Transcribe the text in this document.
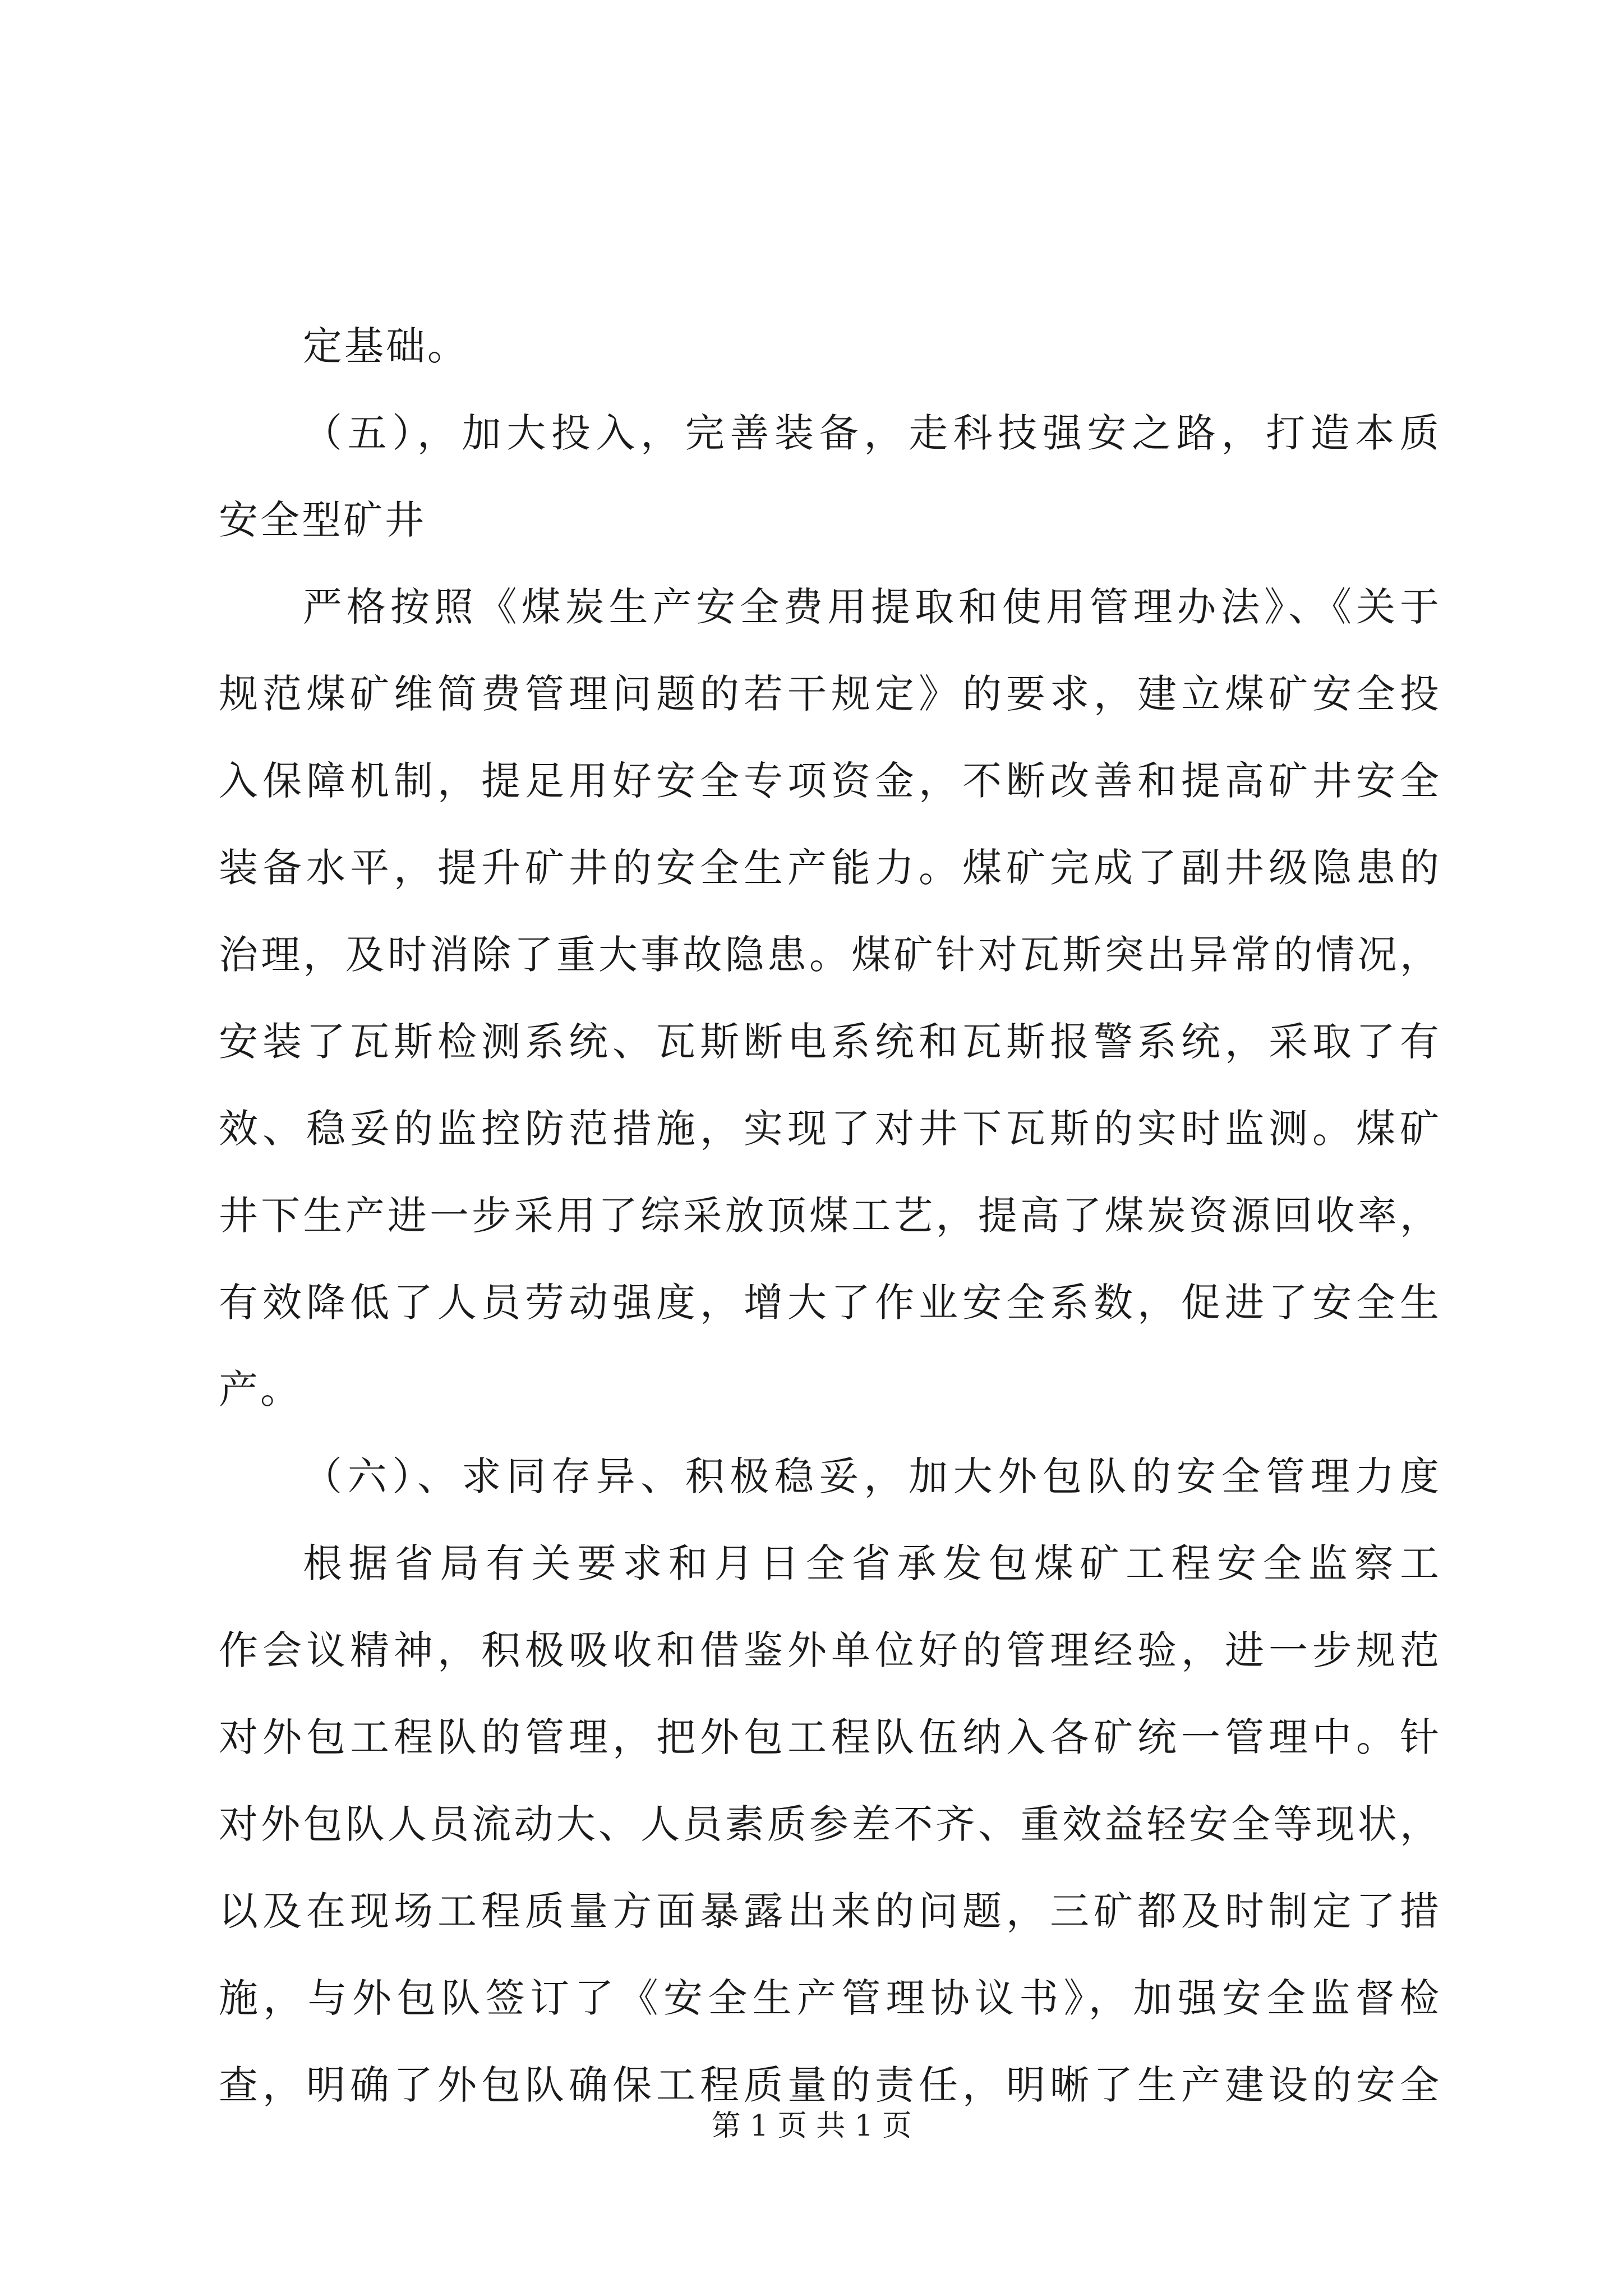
定基础。
（五），加大投入，完善装备，走科技强安之路，打造本质
安全型矿井
严格按照《煤炭生产安全费用提取和使用管理办法》、《关于
规范煤矿维简费管理问题的若干规定》的要求，建立煤矿安全投
入保障机制，提足用好安全专项资金，不断改善和提高矿井安全
装备水平，提升矿井的安全生产能力。煤矿完成了副井级隐患的
治理，及时消除了重大事故隐患。煤矿针对瓦斯突出异常的情况，
安装了瓦斯检测系统、瓦斯断电系统和瓦斯报警系统，采取了有
效、稳妥的监控防范措施，实现了对井下瓦斯的实时监测。煤矿
井下生产进一步采用了综采放顶煤工艺，提高了煤炭资源回收率，
有效降低了人员劳动强度，增大了作业安全系数，促进了安全生
产。
（六）、求同存异、积极稳妥，加大外包队的安全管理力度
根据省局有关要求和月日全省承发包煤矿工程安全监察工
作会议精神，积极吸收和借鉴外单位好的管理经验，进一步规范
对外包工程队的管理，把外包工程队伍纳入各矿统一管理中。针
对外包队人员流动大、人员素质参差不齐、重效益轻安全等现状，
以及在现场工程质量方面暴露出来的问题，三矿都及时制定了措
施，与外包队签订了《安全生产管理协议书》，加强安全监督检
查，明确了外包队确保工程质量的责任，明晰了生产建设的安全
第 1 页 共 1 页
